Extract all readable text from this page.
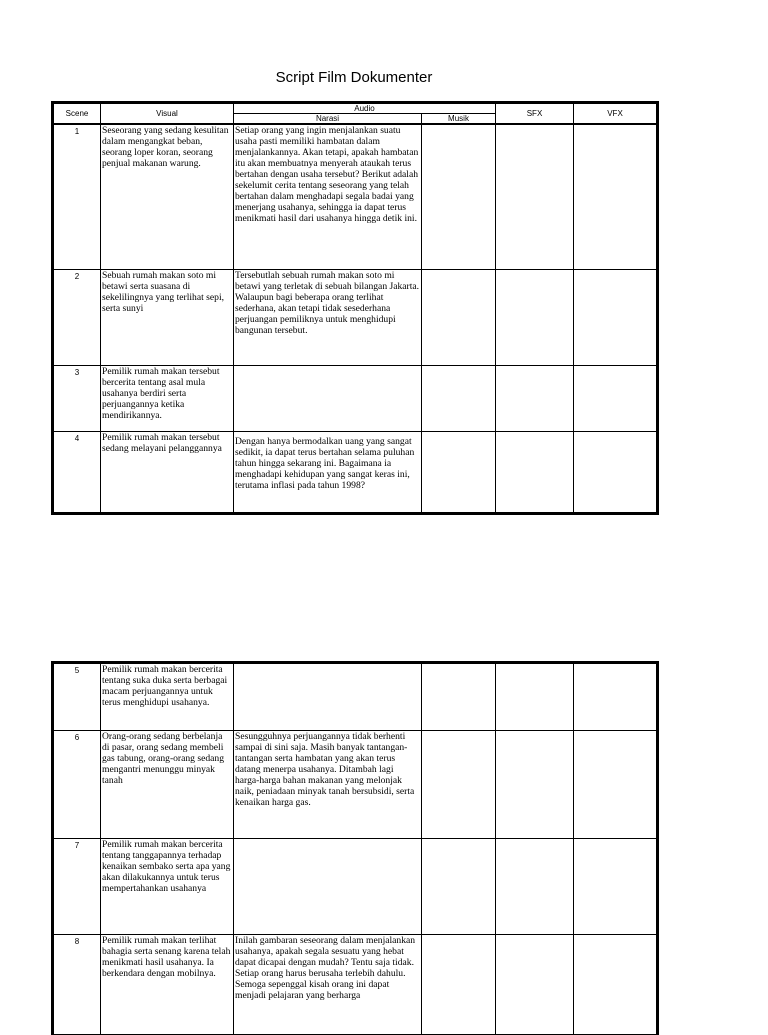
Script Film Dokumenter
Scene	Visual	Audio		SFX	VFX
		Narasi	Musik		
1	Seseorang yang sedang kesulitan dalam mengangkat beban, seorang loper koran, seorang penjual makanan warung.	Setiap orang yang ingin menjalankan suatu usaha pasti memiliki hambatan dalam menjalankannya. Akan tetapi, apakah hambatan itu akan membuatnya menyerah ataukah terus bertahan dengan usaha tersebut? Berikut adalah sekelumit cerita tentang seseorang yang telah bertahan dalam menghadapi segala badai yang menerjang usahanya, sehingga ia dapat terus menikmati hasil dari usahanya hingga detik ini.			
2	Sebuah rumah makan soto mi betawi serta suasana di sekelilingnya yang terlihat sepi, serta sunyi	Tersebutlah sebuah rumah makan soto mi betawi yang terletak di sebuah bilangan Jakarta. Walaupun bagi beberapa orang terlihat sederhana, akan tetapi tidak sesederhana perjuangan pemiliknya untuk menghidupi bangunan tersebut.			
3	Pemilik rumah makan tersebut bercerita tentang asal mula usahanya berdiri serta perjuangannya ketika mendirikannya.				
4	Pemilik rumah makan tersebut sedang melayani pelanggannya	Dengan hanya bermodalkan uang yang sangat sedikit, ia dapat terus bertahan selama puluhan tahun hingga sekarang ini. Bagaimana ia menghadapi kehidupan yang sangat keras ini, terutama inflasi pada tahun 1998?			
5	Pemilik rumah makan bercerita tentang suka duka serta berbagai macam perjuangannya untuk terus menghidupi usahanya.				
6	Orang-orang sedang berbelanja di pasar, orang sedang membeli gas tabung, orang-orang sedang mengantri menunggu minyak tanah	Sesungguhnya perjuangannya tidak berhenti sampai di sini saja. Masih banyak tantangan-tantangan serta hambatan yang akan terus datang menerpa usahanya. Ditambah lagi harga-harga bahan makanan yang melonjak naik, peniadaan minyak tanah bersubsidi, serta kenaikan harga gas.			
7	Pemilik rumah makan bercerita tentang tanggapannya terhadap kenaikan sembako serta apa yang akan dilakukannya untuk terus mempertahankan usahanya				
8	Pemilik rumah makan terlihat bahagia serta senang karena telah menikmati hasil usahanya. Ia berkendara dengan mobilnya.	Inilah gambaran seseorang dalam menjalankan usahanya, apakah segala sesuatu yang hebat dapat dicapai dengan mudah? Tentu saja tidak. Setiap orang harus berusaha terlebih dahulu. Semoga sepenggal kisah orang ini dapat menjadi pelajaran yang berharga			
